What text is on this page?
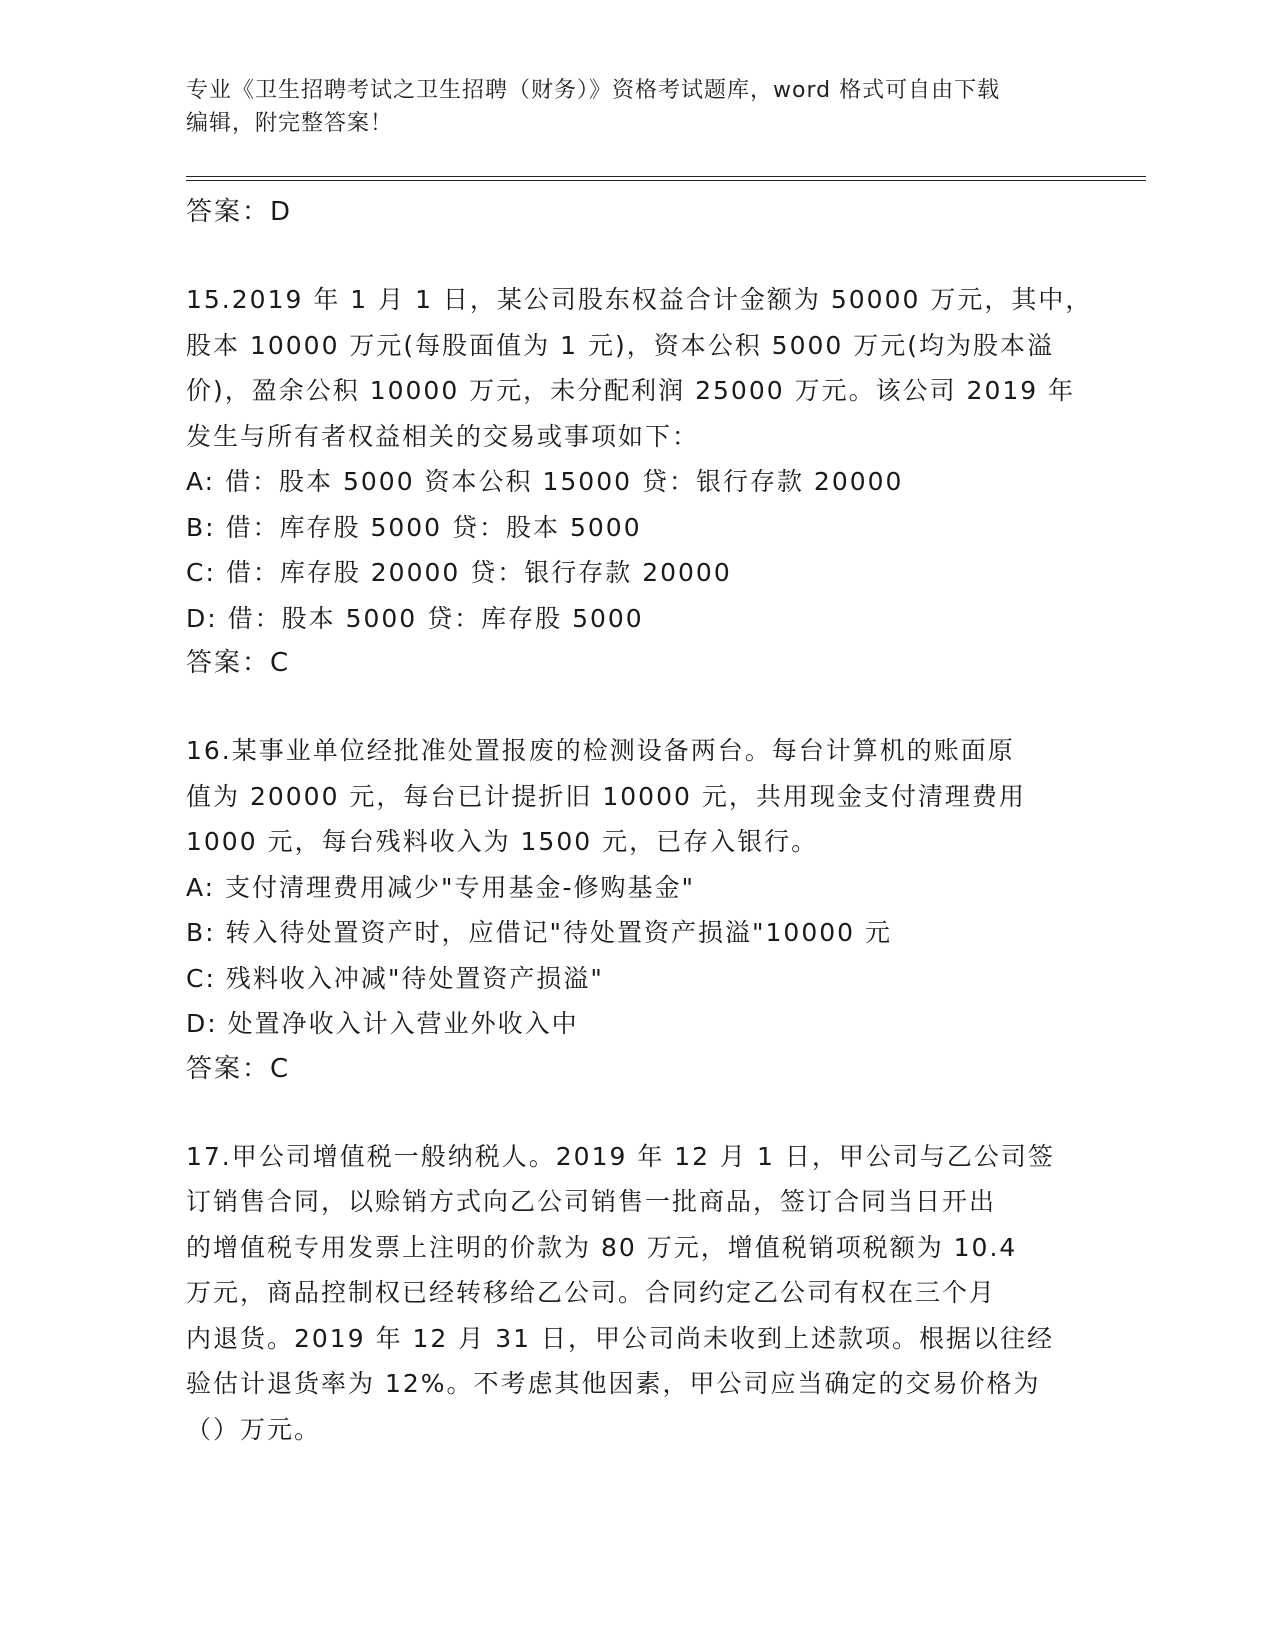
专业《卫生招聘考试之卫生招聘（财务）》资格考试题库，word 格式可自由下载
编辑，附完整答案！
答案：D
15.2019 年 1 月 1 日，某公司股东权益合计金额为 50000 万元，其中，
股本 10000 万元(每股面值为 1 元)，资本公积 5000 万元(均为股本溢
价)，盈余公积 10000 万元，未分配利润 25000 万元。该公司 2019 年
发生与所有者权益相关的交易或事项如下：
A: 借：股本 5000 资本公积 15000 贷：银行存款 20000
B: 借：库存股 5000 贷：股本 5000
C: 借：库存股 20000 贷：银行存款 20000
D: 借：股本 5000 贷：库存股 5000
答案：C
16.某事业单位经批准处置报废的检测设备两台。每台计算机的账面原
值为 20000 元，每台已计提折旧 10000 元，共用现金支付清理费用
1000 元，每台残料收入为 1500 元，已存入银行。
A: 支付清理费用减少"专用基金-修购基金"
B: 转入待处置资产时，应借记"待处置资产损溢"10000 元
C: 残料收入冲减"待处置资产损溢"
D: 处置净收入计入营业外收入中
答案：C
17.甲公司增值税一般纳税人。2019 年 12 月 1 日，甲公司与乙公司签
订销售合同，以赊销方式向乙公司销售一批商品，签订合同当日开出
的增值税专用发票上注明的价款为 80 万元，增值税销项税额为 10.4
万元，商品控制权已经转移给乙公司。合同约定乙公司有权在三个月
内退货。2019 年 12 月 31 日，甲公司尚未收到上述款项。根据以往经
验估计退货率为 12%。不考虑其他因素，甲公司应当确定的交易价格为
（）万元。
